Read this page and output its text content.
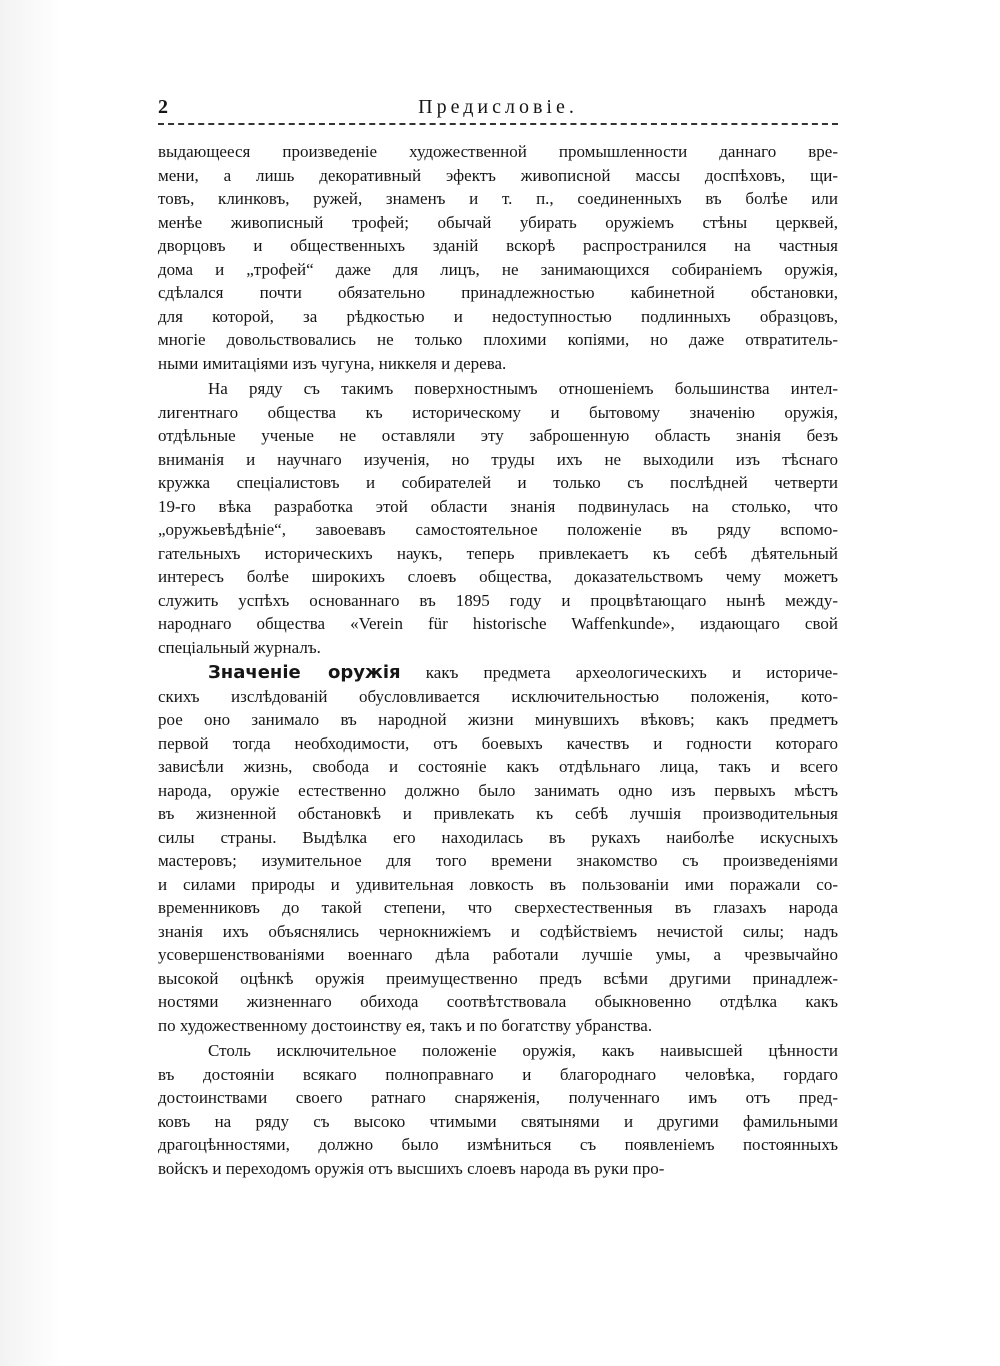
2	Предисловіе.
выдающееся произведеніе художественной промышленности даннаго вре-
мени, а лишь декоративный эфектъ живописной массы доспѣховъ, щи-
товъ, клинковъ, ружей, знаменъ и т. п., соединенныхъ въ болѣе или
менѣе живописный трофей; обычай убирать оружіемъ стѣны церквей,
дворцовъ и общественныхъ зданій вскорѣ распространился на частныя
дома и „трофей“ даже для лицъ, не занимающихся собираніемъ оружія,
сдѣлался почти обязательно принадлежностью кабинетной обстановки,
для которой, за рѣдкостью и недоступностью подлинныхъ образцовъ,
многіе довольствовались не только плохими копіями, но даже отвратитель-
ными имитаціями изъ чугуна, никкеля и дерева.
На ряду съ такимъ поверхностнымъ отношеніемъ большинства интел-
лигентнаго общества къ историческому и бытовому значенію оружія,
отдѣльные ученые не оставляли эту заброшенную область знанія безъ
вниманія и научнаго изученія, но труды ихъ не выходили изъ тѣснаго
кружка спеціалистовъ и собирателей и только съ послѣдней четверти
19-го вѣка разработка этой области знанія подвинулась на столько, что
„оружьевѣдѣніе“, завоевавъ самостоятельное положеніе въ ряду вспомо-
гательныхъ историческихъ наукъ, теперь привлекаетъ къ себѣ дѣятельный
интересъ болѣе широкихъ слоевъ общества, доказательствомъ чему можетъ
служить успѣхъ основаннаго въ 1895 году и процвѣтающаго нынѣ между-
народнаго общества «Verein für historische Waffenkunde», издающаго свой
спеціальный журналъ.
Значеніе оружія какъ предмета археологическихъ и историче-
скихъ изслѣдованій обусловливается исключительностью положенія, кото-
рое оно занимало въ народной жизни минувшихъ вѣковъ; какъ предметъ
первой тогда необходимости, отъ боевыхъ качествъ и годности котораго
зависѣли жизнь, свобода и состояніе какъ отдѣльнаго лица, такъ и всего
народа, оружіе естественно должно было занимать одно изъ первыхъ мѣстъ
въ жизненной обстановкѣ и привлекать къ себѣ лучшія производительныя
силы страны. Выдѣлка его находилась въ рукахъ наиболѣе искусныхъ
мастеровъ; изумительное для того времени знакомство съ произведеніями
и силами природы и удивительная ловкость въ пользованіи ими поражали со-
временниковъ до такой степени, что сверхестественныя въ глазахъ народа
знанія ихъ объяснялись чернокнижіемъ и содѣйствіемъ нечистой силы; надъ
усовершенствованіями военнаго дѣла работали лучшіе умы, а чрезвычайно
высокой оцѣнкѣ оружія преимущественно предъ всѣми другими принадлеж-
ностями жизненнаго обихода соотвѣтствовала обыкновенно отдѣлка какъ
по художественному достоинству ея, такъ и по богатству убранства.
Столь исключительное положеніе оружія, какъ наивысшей цѣнности
въ достояніи всякаго полноправнаго и благороднаго человѣка, гордаго
достоинствами своего ратнаго снаряженія, полученнаго имъ отъ пред-
ковъ на ряду съ высоко чтимыми святынями и другими фамильными
драгоцѣнностями, должно было измѣниться съ появленіемъ постоянныхъ
войскъ и переходомъ оружія отъ высшихъ слоевъ народа въ руки про-
